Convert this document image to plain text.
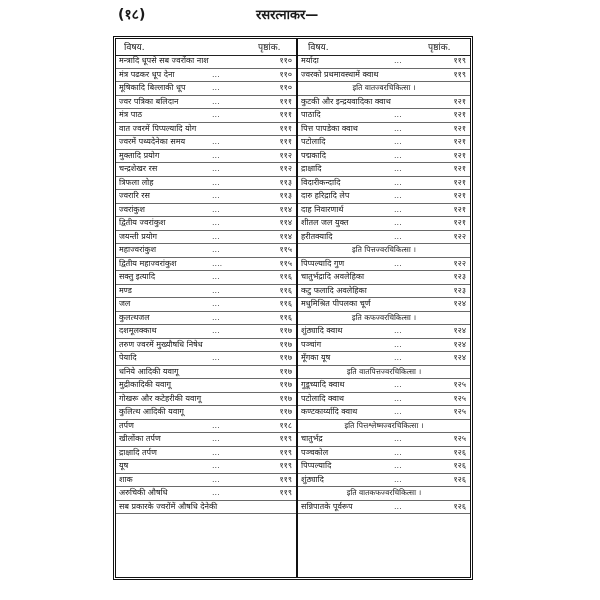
(१८)	रसरत्नाकर—
विषय.	पृष्ठांक.	विषय.	पृष्ठांक.
मन्त्रादि धूपसे सब ज्वरोंका नाश	११०
मंत्र पढकर धूप देना	...	११०
मूषिकादि बिल्लाकी धूप	...	११०
ज्वर पत्रिका बलिदान	...	१११
मंत्र पाठ	...	१११
वात ज्वरमें पिप्पल्यादि योग	१११
ज्वरमें पथ्यदेनेका समय	...	१११
मुक्तादि प्रयोग	...	११२
चन्द्रशेखर रस	...	११२
त्रिफला लोह	...	११३
ज्वरारि रस	...	११३
ज्वरांकुश	...	११४
द्वितीय ज्वरांकुश	...	११४
जयन्ती प्रयोग	...	११४
महाज्वरांकुश	...	११५
द्वितीय महाज्वरांकुश	....	११५
सक्तु इत्यादि	...	११६
मण्ड	...	११६
जल	...	११६
कुलत्थजल	...	११६
दशमूलक्काथ	...	११७
तरुण ज्वरमें मुख्यौषधि निषेध	११७
पेयादि	...	११७
धनिये आदिकी यवागू	११७
मुद्रीकादिकी यवागू	११७
गोखरू और कटेहरीकी यवागू	११७
कुलित्थ आदिकी यवागू	११७
तर्पण	...	११८
खीलोंका तर्पण	...	११९
द्राक्षादि तर्पण	...	११९
यूष	...	११९
शाक	...	११९
अरुचिकी औषधि	...	११९
सब प्रकारके ज्वरोंमें औषधि देनेकी
मर्यादा	...	११९
ज्वरको प्रथमावस्थामें क्वाथ	११९
इति वातज्वरचिकित्सा ।
कुटकी और इन्द्रयवादिका क्वाथ	१२१
पाठादि	...	१२१
पित्त पापडेका क्वाथ	...	१२१
पटोलादि	...	१२१
पद्मकादि	...	१२१
द्राक्षादि	...	१२१
विदारीकन्दादि	...	१२१
दारु हरिद्रादि लेप	...	१२१
दाह निवारणार्थ	...	१२१
शीतल जल युक्त	...	१२१
हरीतक्यादि	...	१२२
इति पित्तज्वरचिकित्सा ।
पिप्पल्यादि गुण	...	१२२
चातुर्भद्रादि अवलेहिका	१२३
कटु फलादि अवलेहिका	१२३
मधुमिश्रित पीपलका चूर्ण	१२४
इति कफज्वरचिकित्सा ।
शुंठ्यादि क्वाथ	...	१२४
पञ्चांग	...	१२४
मूँगका यूष	...	१२४
इति वातपित्तज्वरचिकित्सा ।
गुडूच्यादि क्वाथ	...	१२५
पटोलादि क्वाथ	...	१२५
कण्टकार्य्यादि क्वाथ	...	१२५
इति पित्तश्लेष्मज्वरचिकित्सा ।
चातुर्भद्र	...	१२५
पञ्चकोल	...	१२६
पिप्पल्यादि	...	१२६
शुंठ्यादि	...	१२६
इति वातकफज्वरचिकित्सा ।
सन्निपातके पूर्वरूप	...	१२६
